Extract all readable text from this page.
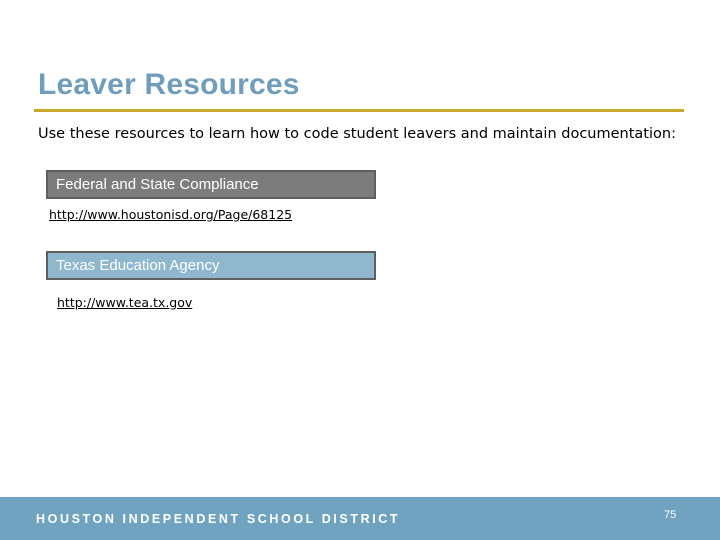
Leaver Resources
Use these resources to learn how to code student leavers and maintain documentation:
Federal and State Compliance
http://www.houstonisd.org/Page/68125
Texas Education Agency
http://www.tea.tx.gov
HOUSTON INDEPENDENT SCHOOL DISTRICT	75
